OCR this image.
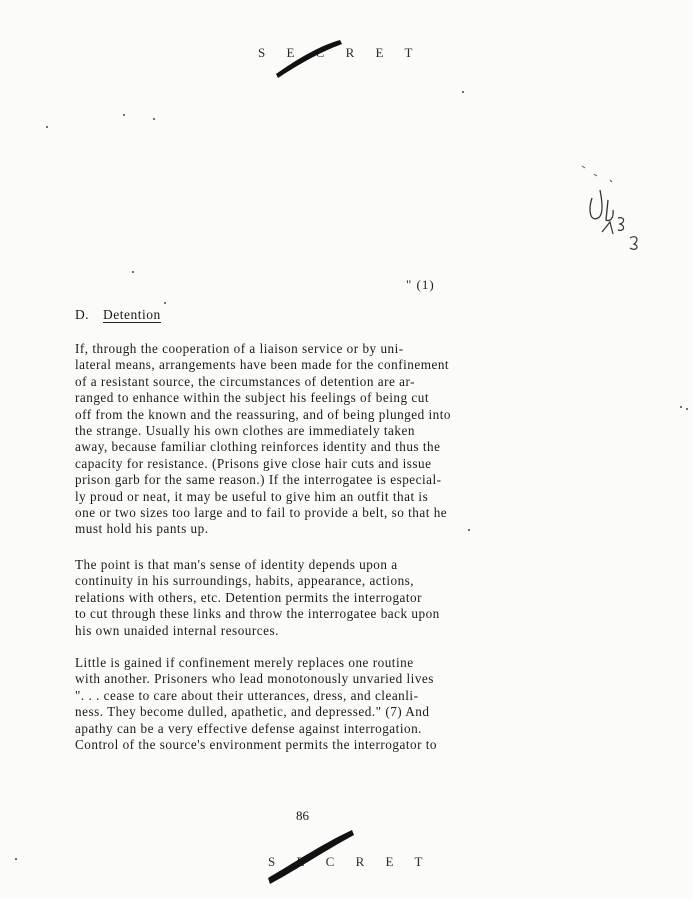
S E C R E T
" (1)
D. Detention
If, through the cooperation of a liaison service or by uni-
lateral means, arrangements have been made for the confinement
of a resistant source, the circumstances of detention are ar-
ranged to enhance within the subject his feelings of being cut
off from the known and the reassuring, and of being plunged into
the strange. Usually his own clothes are immediately taken
away, because familiar clothing reinforces identity and thus the
capacity for resistance. (Prisons give close hair cuts and issue
prison garb for the same reason.) If the interrogatee is especial-
ly proud or neat, it may be useful to give him an outfit that is
one or two sizes too large and to fail to provide a belt, so that he
must hold his pants up.
The point is that man's sense of identity depends upon a
continuity in his surroundings, habits, appearance, actions,
relations with others, etc. Detention permits the interrogator
to cut through these links and throw the interrogatee back upon
his own unaided internal resources.
Little is gained if confinement merely replaces one routine
with another. Prisoners who lead monotonously unvaried lives
". . . cease to care about their utterances, dress, and cleanli-
ness. They become dulled, apathetic, and depressed." (7) And
apathy can be a very effective defense against interrogation.
Control of the source's environment permits the interrogator to
86
S E C R E T
